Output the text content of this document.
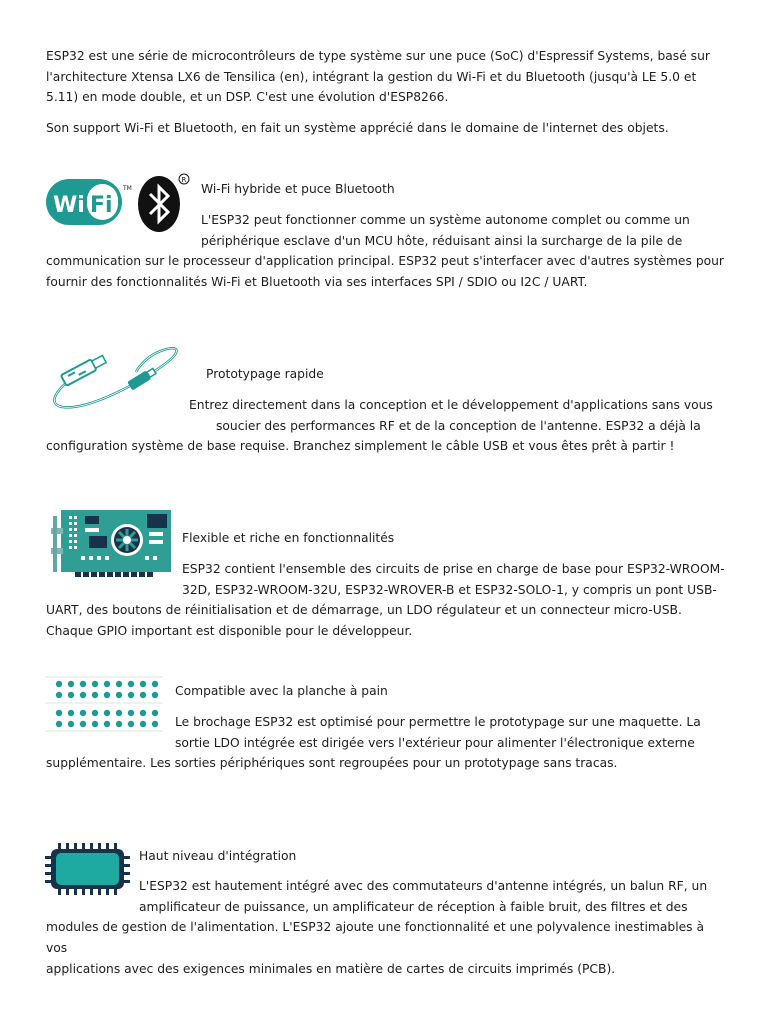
ESP32 est une série de microcontrôleurs de type système sur une puce (SoC) d'Espressif Systems, basé sur l'architecture Xtensa LX6 de Tensilica (en), intégrant la gestion du Wi-Fi et du Bluetooth (jusqu'à LE 5.0 et 5.11) en mode double, et un DSP. C'est une évolution d'ESP8266.

Son support Wi-Fi et Bluetooth, en fait un système apprécié dans le domaine de l'internet des objets.

Wi Fi
TM
R
Wi-Fi hybride et puce Bluetooth
L'ESP32 peut fonctionner comme un système autonome complet ou comme un
périphérique esclave d'un MCU hôte, réduisant ainsi la surcharge de la pile de
communication sur le processeur d'application principal. ESP32 peut s'interfacer avec d'autres systèmes pour
fournir des fonctionnalités Wi-Fi et Bluetooth via ses interfaces SPI / SDIO ou I2C / UART.
Prototypage rapide
Entrez directement dans la conception et le développement d'applications sans vous
soucier des performances RF et de la conception de l'antenne. ESP32 a déjà la
configuration système de base requise. Branchez simplement le câble USB et vous êtes prêt à partir !
Flexible et riche en fonctionnalités
ESP32 contient l'ensemble des circuits de prise en charge de base pour ESP32-WROOM-
32D, ESP32-WROOM-32U, ESP32-WROVER-B et ESP32-SOLO-1, y compris un pont USB-
UART, des boutons de réinitialisation et de démarrage, un LDO régulateur et un connecteur micro-USB.
Chaque GPIO important est disponible pour le développeur.
Compatible avec la planche à pain
Le brochage ESP32 est optimisé pour permettre le prototypage sur une maquette. La
sortie LDO intégrée est dirigée vers l'extérieur pour alimenter l'électronique externe
supplémentaire. Les sorties périphériques sont regroupées pour un prototypage sans tracas.
Haut niveau d'intégration
L'ESP32 est hautement intégré avec des commutateurs d'antenne intégrés, un balun RF, un
amplificateur de puissance, un amplificateur de réception à faible bruit, des filtres et des
modules de gestion de l'alimentation. L'ESP32 ajoute une fonctionnalité et une polyvalence inestimables à vos
applications avec des exigences minimales en matière de cartes de circuits imprimés (PCB).
